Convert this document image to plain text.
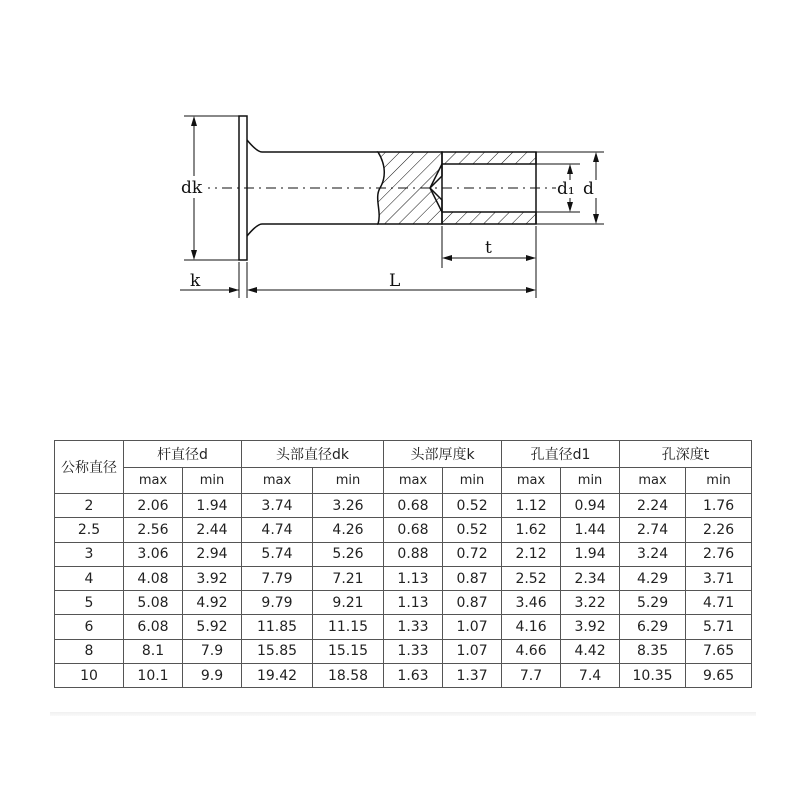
dk
k	L
t
d₁ d
公称直径	杆直径d		头部直径dk		头部厚度k		孔直径d1		孔深度t	
	max	min	max	min	max	min	max	min	max	min
2	2.06	1.94	3.74	3.26	0.68	0.52	1.12	0.94	2.24	1.76
2.5	2.56	2.44	4.74	4.26	0.68	0.52	1.62	1.44	2.74	2.26
3	3.06	2.94	5.74	5.26	0.88	0.72	2.12	1.94	3.24	2.76
4	4.08	3.92	7.79	7.21	1.13	0.87	2.52	2.34	4.29	3.71
5	5.08	4.92	9.79	9.21	1.13	0.87	3.46	3.22	5.29	4.71
6	6.08	5.92	11.85	11.15	1.33	1.07	4.16	3.92	6.29	5.71
8	8.1	7.9	15.85	15.15	1.33	1.07	4.66	4.42	8.35	7.65
10	10.1	9.9	19.42	18.58	1.63	1.37	7.7	7.4	10.35	9.65
